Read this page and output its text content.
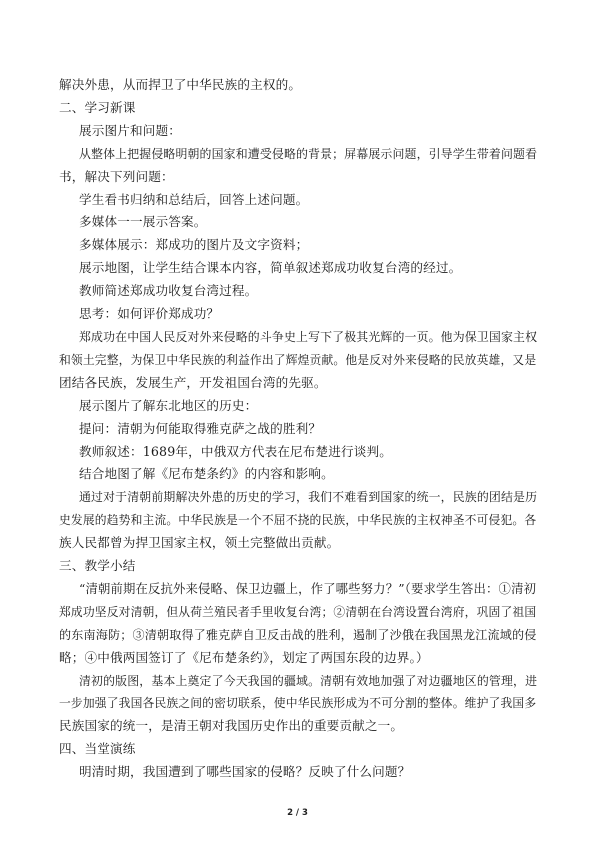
解决外患，从而捍卫了中华民族的主权的。
二、学习新课
展示图片和问题：
从整体上把握侵略明朝的国家和遭受侵略的背景；屏幕展示问题，引导学生带着问题看
书，解决下列问题：
学生看书归纳和总结后，回答上述问题。
多媒体一一展示答案。
多媒体展示：郑成功的图片及文字资料；
展示地图，让学生结合课本内容，简单叙述郑成功收复台湾的经过。
教师简述郑成功收复台湾过程。
思考：如何评价郑成功？
郑成功在中国人民反对外来侵略的斗争史上写下了极其光辉的一页。他为保卫国家主权
和领土完整，为保卫中华民族的利益作出了辉煌贡献。他是反对外来侵略的民放英雄，又是
团结各民族，发展生产，开发祖国台湾的先驱。
展示图片了解东北地区的历史：
提问：清朝为何能取得雅克萨之战的胜利？
教师叙述：1689年，中俄双方代表在尼布楚进行谈判。
结合地图了解《尼布楚条约》的内容和影响。
通过对于清朝前期解决外患的历史的学习，我们不难看到国家的统一，民族的团结是历
史发展的趋势和主流。中华民族是一个不屈不挠的民族，中华民族的主权神圣不可侵犯。各
族人民都曾为捍卫国家主权，领土完整做出贡献。
三、教学小结
“清朝前期在反抗外来侵略、保卫边疆上，作了哪些努力？”（要求学生答出：①清初
郑成功坚反对清朝，但从荷兰殖民者手里收复台湾；②清朝在台湾设置台湾府，巩固了祖国
的东南海防；③清朝取得了雅克萨自卫反击战的胜利，遏制了沙俄在我国黑龙江流域的侵
略；④中俄两国签订了《尼布楚条约》，划定了两国东段的边界。）
清初的版图，基本上奠定了今天我国的疆域。清朝有效地加强了对边疆地区的管理，进
一步加强了我国各民族之间的密切联系，使中华民族形成为不可分割的整体。维护了我国多
民族国家的统一，是清王朝对我国历史作出的重要贡献之一。
四、当堂演练
明清时期，我国遭到了哪些国家的侵略？反映了什么问题？
2 / 3
